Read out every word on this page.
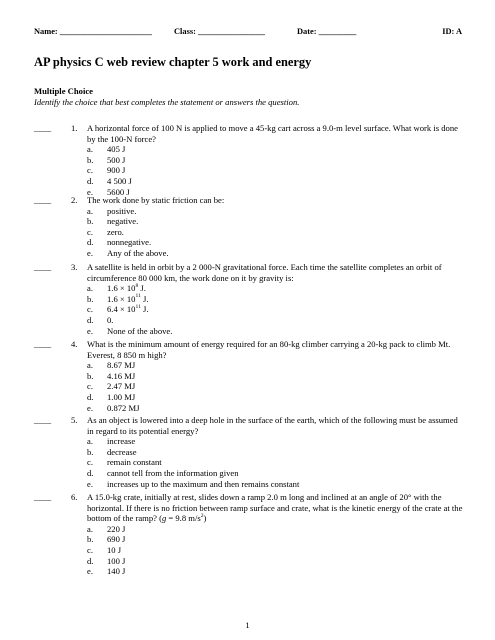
Name: ______________________	Class: ________________	Date: _________	ID: A
AP physics C web review chapter 5 work and energy
Multiple Choice
Identify the choice that best completes the statement or answers the question.
____ 1. A horizontal force of 100 N is applied to move a 45-kg cart across a 9.0-m level surface. What work is done by the 100-N force?

a. 405 J
b. 500 J
c. 900 J
d. 4 500 J
e. 5600 J
____ 2. The work done by static friction can be:

a. positive.
b. negative.
c. zero.
d. nonnegative.
e. Any of the above.
____ 3. A satellite is held in orbit by a 2 000-N gravitational force. Each time the satellite completes an orbit of circumference 80 000 km, the work done on it by gravity is:

a. $1.6 \times 10^8$ J.
b. $1.6 \times 10^{11}$ J.
c. $6.4 \times 10^{11}$ J.
d. 0.
e. None of the above.
____ 4. What is the minimum amount of energy required for an 80-kg climber carrying a 20-kg pack to climb Mt. Everest, 8 850 m high?

a. 8.67 MJ
b. 4.16 MJ
c. 2.47 MJ
d. 1.00 MJ
e. 0.872 MJ
____ 5. As an object is lowered into a deep hole in the surface of the earth, which of the following must be assumed in regard to its potential energy?

a. increase
b. decrease
c. remain constant
d. cannot tell from the information given
e. increases up to the maximum and then remains constant
____ 6. A 15.0-kg crate, initially at rest, slides down a ramp 2.0 m long and inclined at an angle of 20° with the horizontal. If there is no friction between ramp surface and crate, what is the kinetic energy of the crate at the bottom of the ramp? (g = 9.8 $m/s^2$)

a. 220 J
b. 690 J
c. 10 J
d. 100 J
e. 140 J
1
